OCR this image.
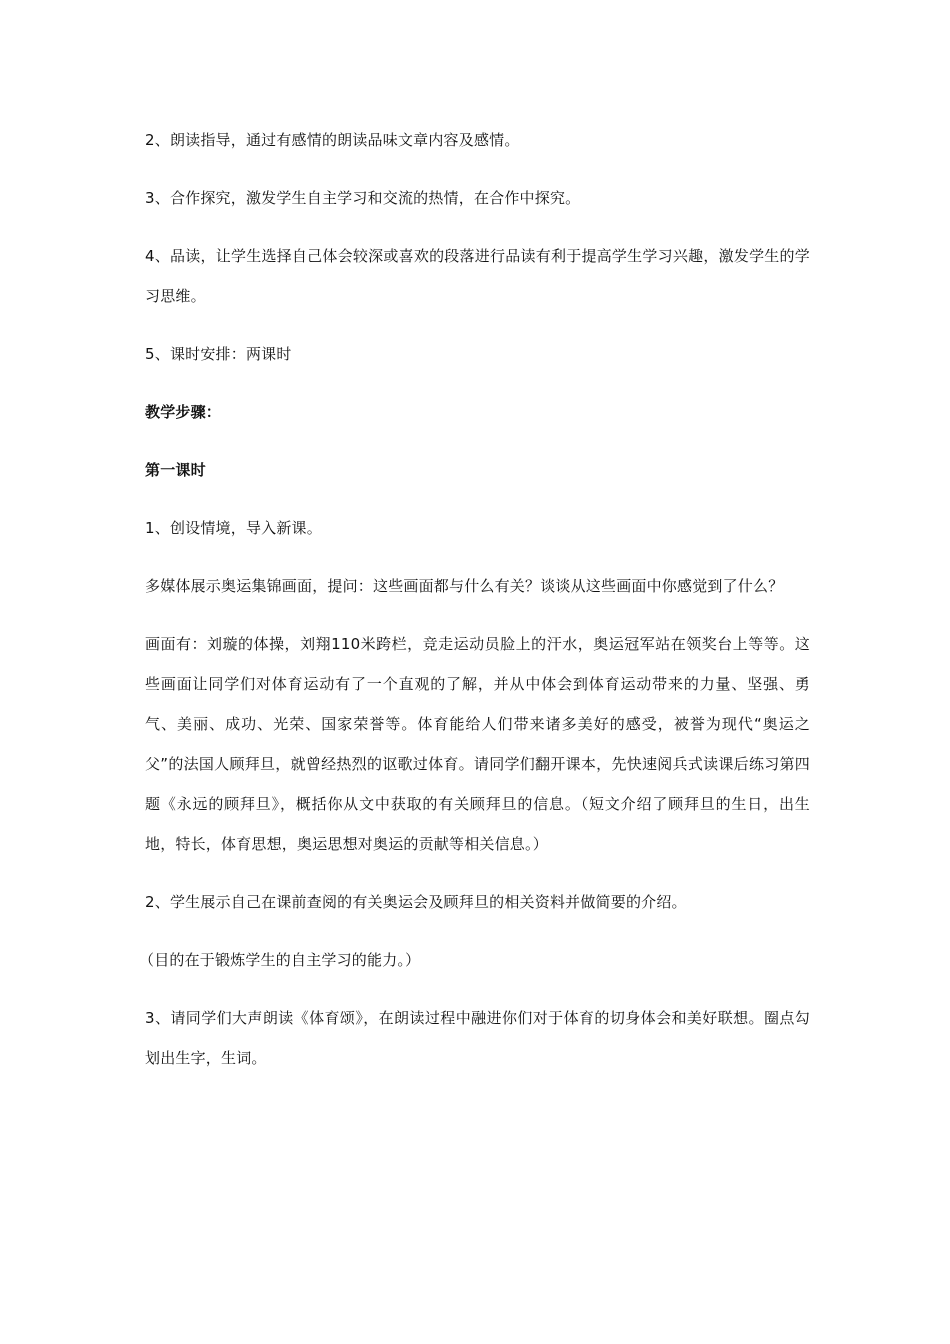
2、朗读指导，通过有感情的朗读品味文章内容及感情。

3、合作探究，激发学生自主学习和交流的热情，在合作中探究。

4、品读，让学生选择自己体会较深或喜欢的段落进行品读有利于提高学生学习兴趣，激发学生的学习思维。

5、课时安排：两课时

教学步骤：

第一课时

1、创设情境，导入新课。

多媒体展示奥运集锦画面，提问：这些画面都与什么有关？谈谈从这些画面中你感觉到了什么？

画面有：刘璇的体操，刘翔110米跨栏，竞走运动员脸上的汗水，奥运冠军站在领奖台上等等。这些画面让同学们对体育运动有了一个直观的了解，并从中体会到体育运动带来的力量、坚强、勇气、美丽、成功、光荣、国家荣誉等。体育能给人们带来诸多美好的感受，被誉为现代“奥运之父”的法国人顾拜旦，就曾经热烈的讴歌过体育。请同学们翻开课本，先快速阅兵式读课后练习第四题《永远的顾拜旦》，概括你从文中获取的有关顾拜旦的信息。（短文介绍了顾拜旦的生日，出生地，特长，体育思想，奥运思想对奥运的贡献等相关信息。）

2、学生展示自己在课前查阅的有关奥运会及顾拜旦的相关资料并做简要的介绍。

（目的在于锻炼学生的自主学习的能力。）

3、请同学们大声朗读《体育颂》，在朗读过程中融进你们对于体育的切身体会和美好联想。圈点勾划出生字，生词。
